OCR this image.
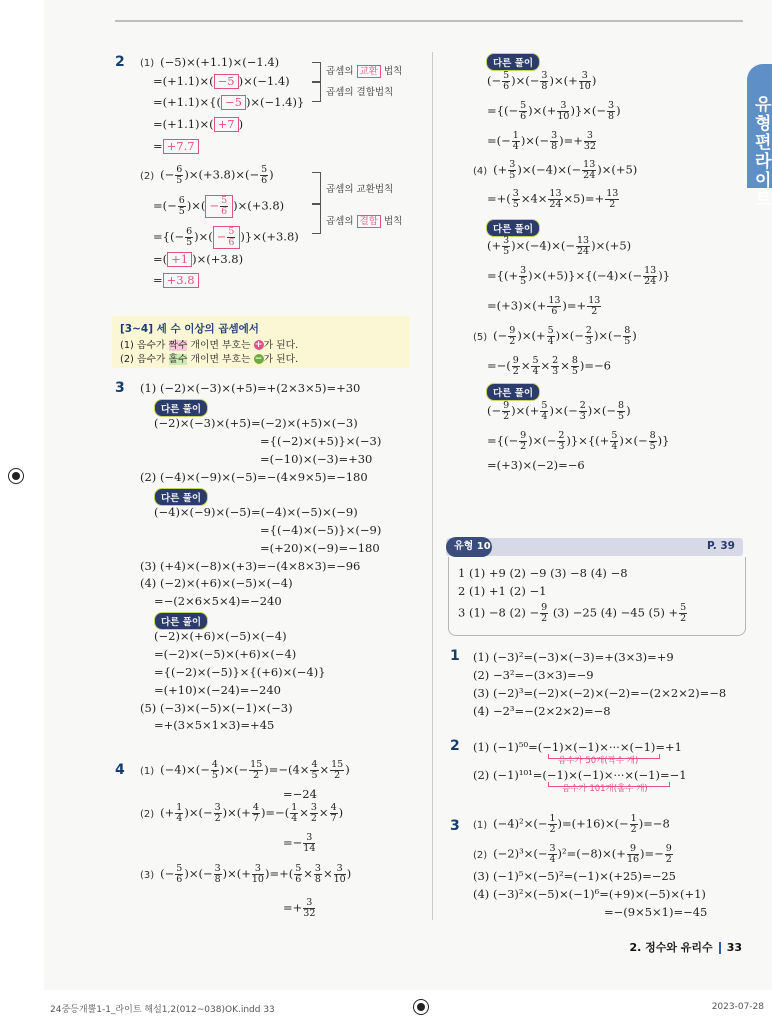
유형편 라이트
2 (1) (−5)×(+1.1)×(−1.4)
=(+1.1)×( −5 )×(−1.4)
=(+1.1)×{( −5 )×(−1.4)}
=(+1.1)×( +7 )
= +7.7
곱셈의 교환 법칙
곱셈의 결합법칙
(2) (− $\frac{6}{5} )\times(+3.8)\times(- \frac{5}{6}$ )
=(− $\frac{6}{5}$ )×( − $\frac{5}{6} )\times(+3.8)$
={(− $\frac{6}{5}$ )×( − $\frac{5}{6} )\}\times(+3.8)$
=( +1 )×(+3.8)
= +3.8
곱셈의 교환법칙
곱셈의 결합 법칙
[3~4] 세 수 이상의 곱셈에서
(1) 음수가 짝수 개이면 부호는 +가 된다.
(2) 음수가 홀수 개이면 부호는 −가 된다.
3 (1) (−2)×(−3)×(+5)=+(2×3×5)=+30
다른 풀이
(−2)×(−3)×(+5)=(−2)×(+5)×(−3)
={(−2)×(+5)}×(−3)
=(−10)×(−3)=+30
(2) (−4)×(−9)×(−5)=−(4×9×5)=−180
다른 풀이
(−4)×(−9)×(−5)=(−4)×(−5)×(−9)
={(−4)×(−5)}×(−9)
=(+20)×(−9)=−180
(3) (+4)×(−8)×(+3)=−(4×8×3)=−96
(4) (−2)×(+6)×(−5)×(−4)
=−(2×6×5×4)=−240
다른 풀이
(−2)×(+6)×(−5)×(−4)
=(−2)×(−5)×(+6)×(−4)
={(−2)×(−5)}×{(+6)×(−4)}
=(+10)×(−24)=−240
(5) (−3)×(−5)×(−1)×(−3)
=+(3×5×1×3)=+45
4 (1) $(-4)\times(- \frac{4}{5}$ )×(− $\frac{15}{2} )=-(4\times \frac{4}{5} \times \frac{15}{2}$ )
=−24
(2) (+ $\frac{1}{4}$ )×(− $\frac{3}{2}$ )×(+ $\frac{4}{7}$ )=−( $\frac{1}{4} \times \frac{3}{2} \times \frac{4}{7}$ )
=− $\frac{3}{14}$
(3) (− $\frac{5}{6}$ )×(− $\frac{3}{8}$ )×(+ $\frac{3}{10}$ )=+( $\frac{5}{6} \times \frac{3}{8} \times \frac{3}{10}$ )
=+ $\frac{3}{32}$
다른 풀이
(− $\frac{5}{6}$ )×(− $\frac{3}{8}$ )×(+ $\frac{3}{10}$ )
={(− $\frac{5}{6}$ )×(+ $\frac{3}{10}$ )}×(− $\frac{3}{8}$ )
=(− $\frac{1}{4}$ )×(− $\frac{3}{8}$ )=+ $\frac{3}{32}$
(4) (+ $\frac{3}{5} )\times(-4)\times(- \frac{13}{24} )\times(+5)$
=+( $\frac{3}{5} \times 4\times \frac{13}{24} \times 5)=+ \frac{13}{2}$
다른 풀이
(+ $\frac{3}{5} )\times(-4)\times(- \frac{13}{24} )\times(+5)$
={(+ $\frac{3}{5} )\times(+5)\}\times\{(-4)\times(- \frac{13}{24}$ )}
$=(+3)\times(+ \frac{13}{6}$ )=+ $\frac{13}{2}$
(5) (− $\frac{9}{2}$ )×(+ $\frac{5}{4}$ )×(− $\frac{2}{3}$ )×(− $\frac{8}{5}$ )
=−( $\frac{9}{2} \times \frac{5}{4} \times \frac{2}{3} \times \frac{8}{5} )=-6$
다른 풀이
(− $\frac{9}{2}$ )×(+ $\frac{5}{4}$ )×(− $\frac{2}{3}$ )×(− $\frac{8}{5}$ )
={(− $\frac{9}{2}$ )×(− $\frac{2}{3}$ )}×{(+ $\frac{5}{4}$ )×(− $\frac{8}{5}$ )}
=(+3)×(−2)=−6
유형 10	P. 39
1 (1) +9 (2) −9 (3) −8 (4) −8
2 (1) +1 (2) −1
3 (1) −8 $(2) - \frac{9}{2} (3) -25$ (4) −45 $(5) + \frac{5}{2}$
1 (1) (−3)²=(−3)×(−3)=+(3×3)=+9
(2) −3²=−(3×3)=−9
(3) (−2)³=(−2)×(−2)×(−2)=−(2×2×2)=−8
(4) −2³=−(2×2×2)=−8
2 (1) (−1)⁵⁰=(−1)×(−1)×···×(−1)=+1
음수가 50개(짝수 개)
(2) (−1)¹⁰¹=(−1)×(−1)×···×(−1)=−1
음수가 101개(홀수 개)
3 (1) $(-4)^2\times(- \frac{1}{2} )=(+16)\times(- \frac{1}{2} )=-8$
(2) $(-2)^3\times(- \frac{3}{4} )^2=(-8)\times(+ \frac{9}{16}$ )=− $\frac{9}{2}$
(3) (−1)⁵×(−5)²=(−1)×(+25)=−25
(4) (−3)²×(−5)×(−1)⁶=(+9)×(−5)×(+1)
=−(9×5×1)=−45
2. 정수와 유리수 33
24중등개뿔1-1_라이트 해설1,2(012~038)OK.indd 33	2023-07-28
